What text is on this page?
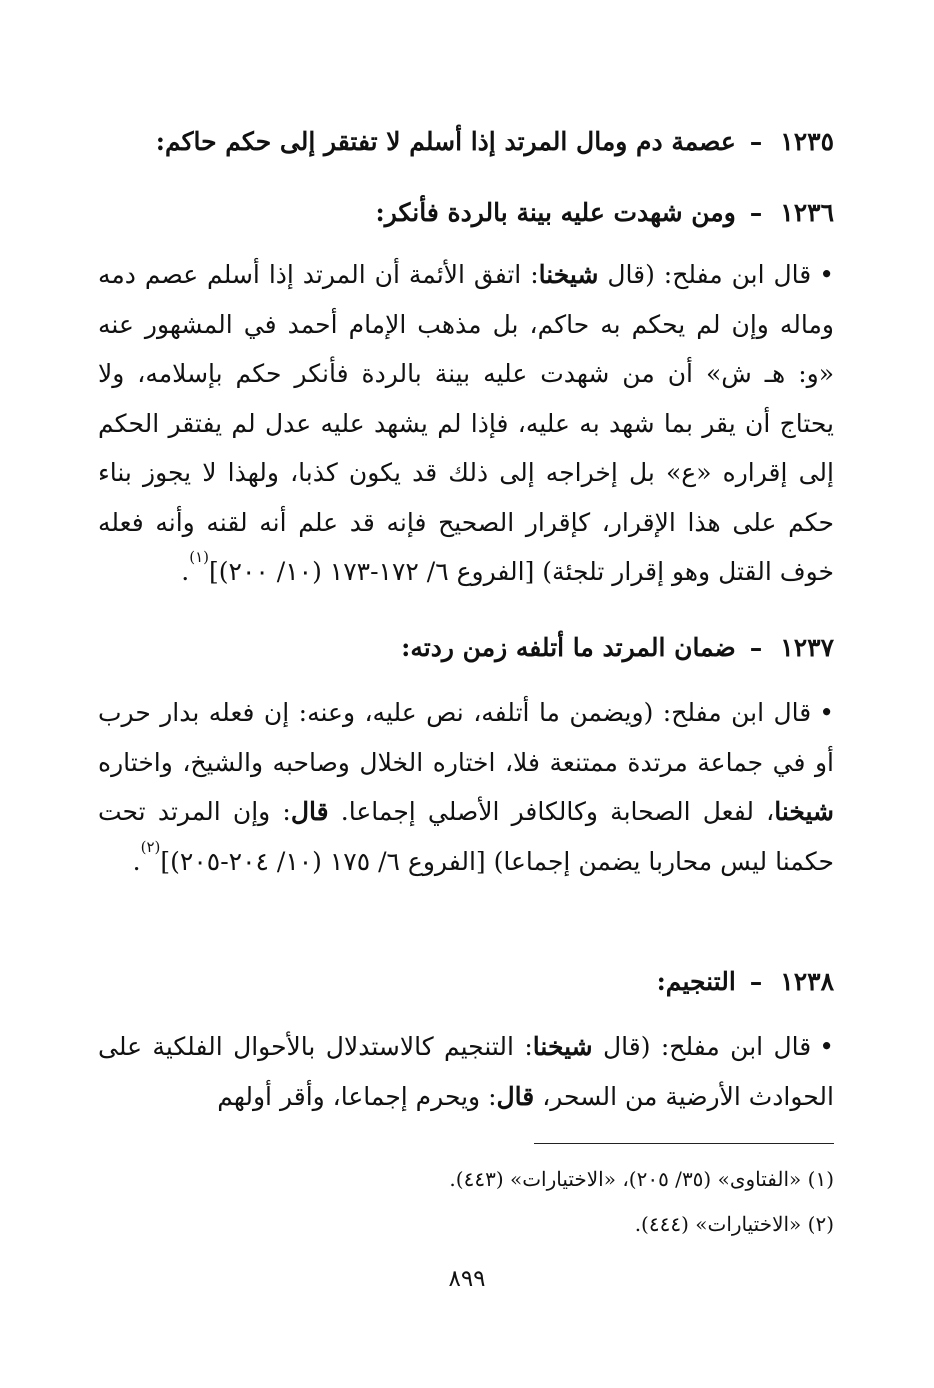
١٢٣٥–عصمة دم ومال المرتد إذا أسلم لا تفتقر إلى حكم حاكم:
١٢٣٦–ومن شهدت عليه بينة بالردة فأنكر:
•قال ابن مفلح: (قال شيخنا: اتفق الأئمة أن المرتد إذا أسلم عصم دمه وماله وإن لم يحكم به حاكم، بل مذهب الإمام أحمد في المشهور عنه «و: هـ ش» أن من شهدت عليه بينة بالردة فأنكر حكم بإسلامه، ولا يحتاج أن يقر بما شهد به عليه، فإذا لم يشهد عليه عدل لم يفتقر الحكم إلى إقراره «ع» بل إخراجه إلى ذلك قد يكون كذبا، ولهذا لا يجوز بناء حكم على هذا الإقرار، كإقرار الصحيح فإنه قد علم أنه لقنه وأنه فعله خوف القتل وهو إقرار تلجئة) [الفروع ٦/ ١٧٢-١٧٣ (١٠/ ٢٠٠)]$^{(١)}$.
١٢٣٧–ضمان المرتد ما أتلفه زمن ردته:
•قال ابن مفلح: (ويضمن ما أتلفه، نص عليه، وعنه: إن فعله بدار حرب أو في جماعة مرتدة ممتنعة فلا، اختاره الخلال وصاحبه والشيخ، واختاره شيخنا، لفعل الصحابة وكالكافر الأصلي إجماعا. قال: وإن المرتد تحت حكمنا ليس محاربا يضمن إجماعا) [الفروع ٦/ ١٧٥ (١٠/ ٢٠٤-٢٠٥)]$^{(٢)}$.
١٢٣٨–التنجيم:
•قال ابن مفلح: (قال شيخنا: التنجيم كالاستدلال بالأحوال الفلكية على الحوادث الأرضية من السحر، قال: ويحرم إجماعا، وأقر أولهم
(١) «الفتاوى» (٣٥/ ٢٠٥)، «الاختيارات» (٤٤٣).
(٢) «الاختيارات» (٤٤٤).
٨٩٩
